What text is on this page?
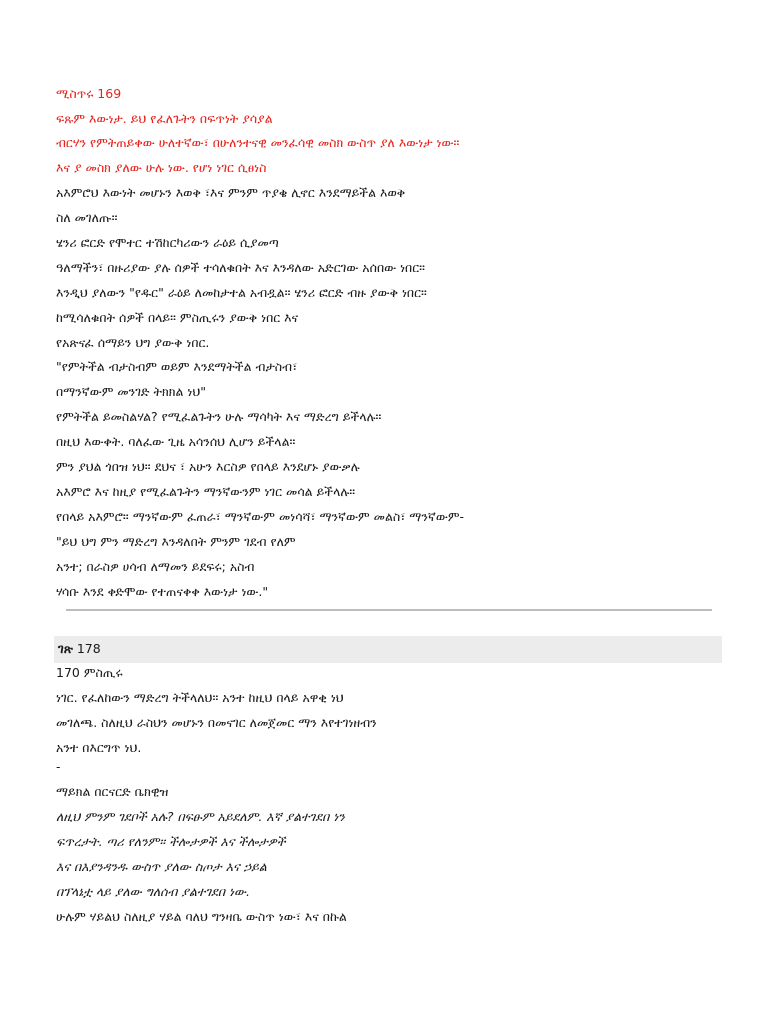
ሚስጥሩ 169
ፍጹም እውነታ. ይህ የፈለጉትን በፍጥነት ያሳያል
ብርሃን የምትጠይቀው ሁለተኛው፣ በሁለንተናዊ መንፈሳዊ መስክ ውስጥ ያለ እውነታ ነው።
እና ያ መስክ ያለው ሁሉ ነው. የሆነ ነገር ሲፀነስ
አእምሮህ እውነት መሆኑን እወቅ ፣እና ምንም ጥያቄ ሊኖር እንደማይችል እወቅ
ስለ መገለጡ።
ሄንሪ ፎርድ የሞተር ተሽከርካሪውን ራዕይ ሲያመጣ
ዓለማችን፣ በዙሪያው ያሉ ሰዎች ተሳለቁበት እና እንዳለው አድርገው አሰበው ነበር።
እንዲህ ያለውን "የዱር" ራዕይ ለመከታተል አብዷል። ሄንሪ ፎርድ ብዙ ያውቅ ነበር።
ከሚሳለቁበት ሰዎች በላይ። ምስጢሩን ያውቅ ነበር እና
የአጽናፈ ሰማይን ህግ ያውቅ ነበር.
"የምትችል ብታስብም ወይም እንደማትችል ብታስብ፣
በማንኛውም መንገድ ትክክል ነህ"
የምትችል ይመስልሃል? የሚፈልጉትን ሁሉ ማሳካት እና ማድረግ ይችላሉ።
በዚህ እውቀት. ባለፈው ጊዜ አሳንሰህ ሊሆን ይችላል።
ምን ያህል ጎበዝ ነህ። ደህና ፣ አሁን እርስዎ የበላይ እንደሆኑ ያውቃሉ
አእምሮ እና ከዚያ የሚፈልጉትን ማንኛውንም ነገር መሳል ይችላሉ።
የበላይ አእምሮ። ማንኛውም ፈጠራ፣ ማንኛውም መነሳሻ፣ ማንኛውም መልስ፣ ማንኛውም-
"ይህ ህግ ምን ማድረግ እንዳለበት ምንም ገደብ የለም
አንተ; በራስዎ ሀሳብ ለማመን ይደፍሩ; አስብ
ሃሳቡ እንደ ቀድሞው የተጠናቀቀ እውነታ ነው."
ገጽ 178
170 ምስጢሩ
ነገር. የፈለከውን ማድረግ ትችላለህ። አንተ ከዚህ በላይ አዋቂ ነህ
መገለጫ. ስለዚህ ራስህን መሆኑን በመናገር ለመጀመር ማን እየተገነዘብን
አንተ በእርግጥ ነህ.
-
ማይክል በርናርድ ቤክዊዝ
ለዚህ ምንም ገደቦች አሉ? በፍፁም አይደለም. እኛ ያልተገደበ ነን
ፍጥረታት. ጣሪ የለንም። ችሎታዎች እና ችሎታዎች
እና በእያንዳንዱ ውስጥ ያለው ስጦታ እና ኃይል
በፕላኔቷ ላይ ያለው ግለሰብ ያልተገደበ ነው.
ሁሉም ሃይልህ ስለዚያ ሃይል ባለህ ግንዛቤ ውስጥ ነው፣ እና በኩል
